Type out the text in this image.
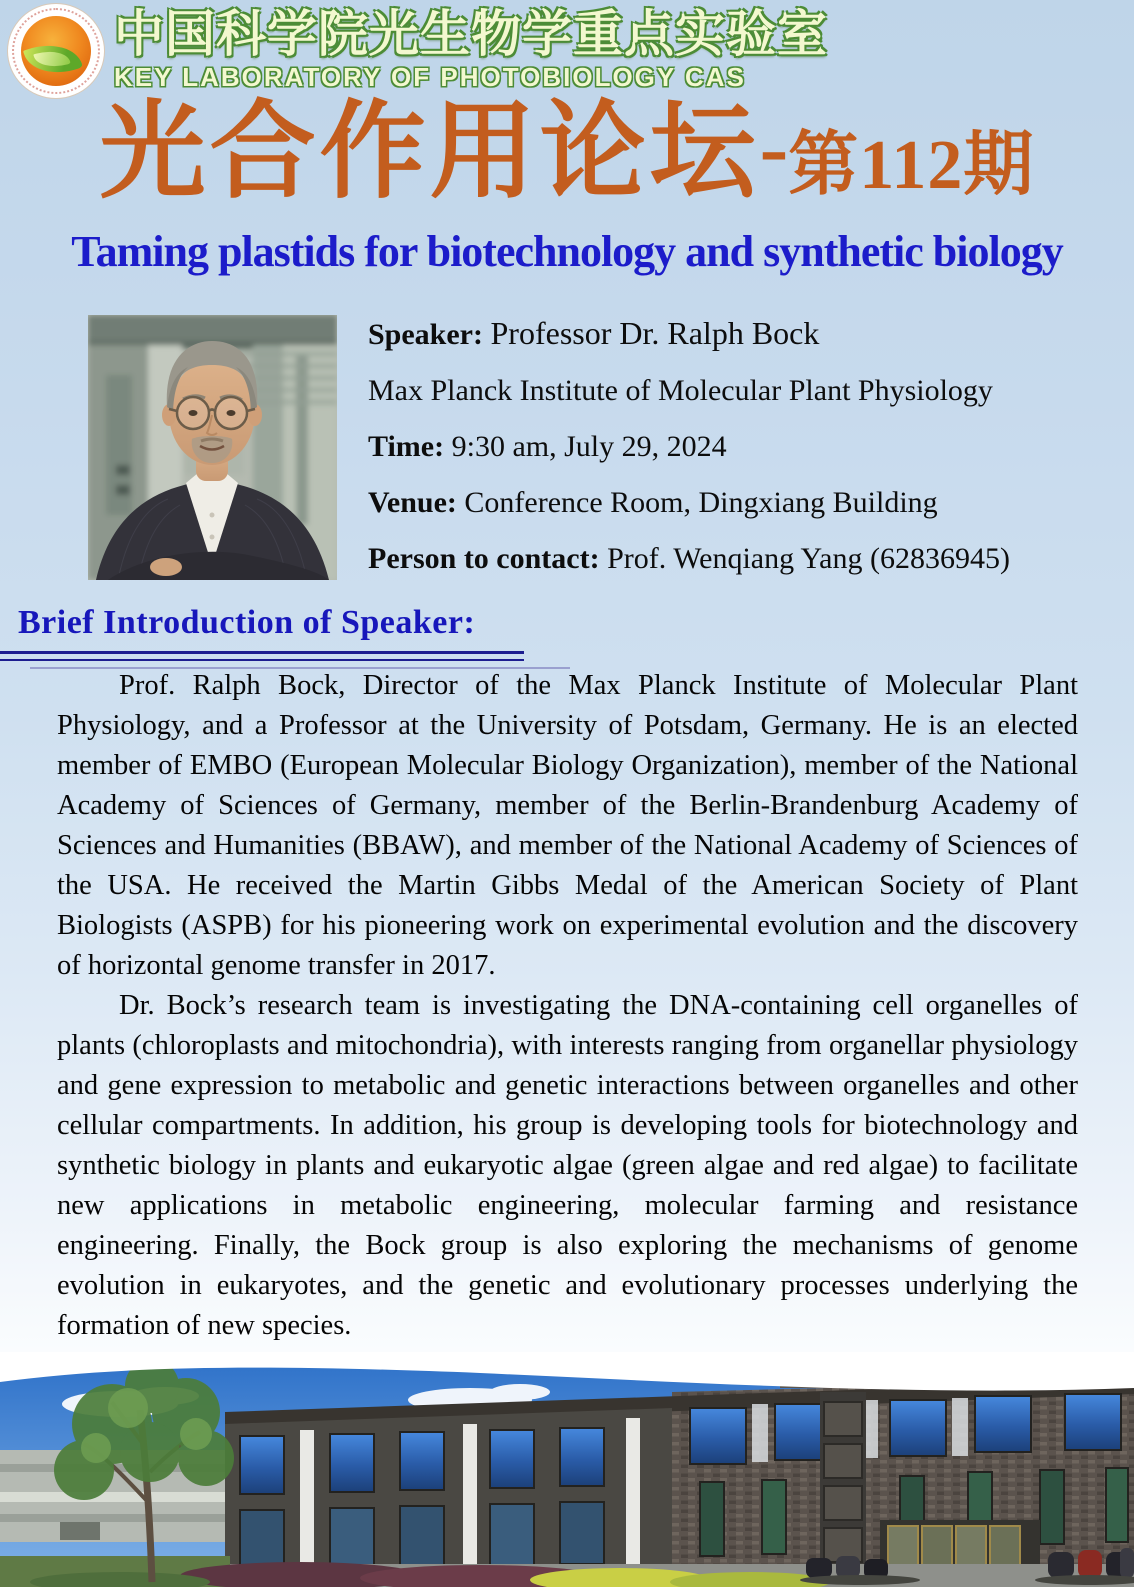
中国科学院光生物学重点实验室
KEY LABORATORY OF PHOTOBIOLOGY CAS
光合作用论坛-第112期
Taming plastids for biotechnology and synthetic biology
Speaker: Professor Dr. Ralph Bock
Max Planck Institute of Molecular Plant Physiology
Time: 9:30 am, July 29, 2024
Venue: Conference Room, Dingxiang Building
Person to contact: Prof. Wenqiang Yang (62836945)
Brief Introduction of Speaker:

Prof. Ralph Bock, Director of the Max Planck Institute of Molecular Plant Physiology, and a Professor at the University of Potsdam, Germany. He is an elected member of EMBO (European Molecular Biology Organization), member of the National Academy of Sciences of Germany, member of the Berlin-Brandenburg Academy of Sciences and Humanities (BBAW), and member of the National Academy of Sciences of the USA. He received the Martin Gibbs Medal of the American Society of Plant Biologists (ASPB) for his pioneering work on experimental evolution and the discovery of horizontal genome transfer in 2017.

Dr. Bock’s research team is investigating the DNA-containing cell organelles of plants (chloroplasts and mitochondria), with interests ranging from organellar physiology and gene expression to metabolic and genetic interactions between organelles and other cellular compartments. In addition, his group is developing tools for biotechnology and synthetic biology in plants and eukaryotic algae (green algae and red algae) to facilitate new applications in metabolic engineering, molecular farming and resistance engineering. Finally, the Bock group is also exploring the mechanisms of genome evolution in eukaryotes, and the genetic and evolutionary processes underlying the formation of new species.
